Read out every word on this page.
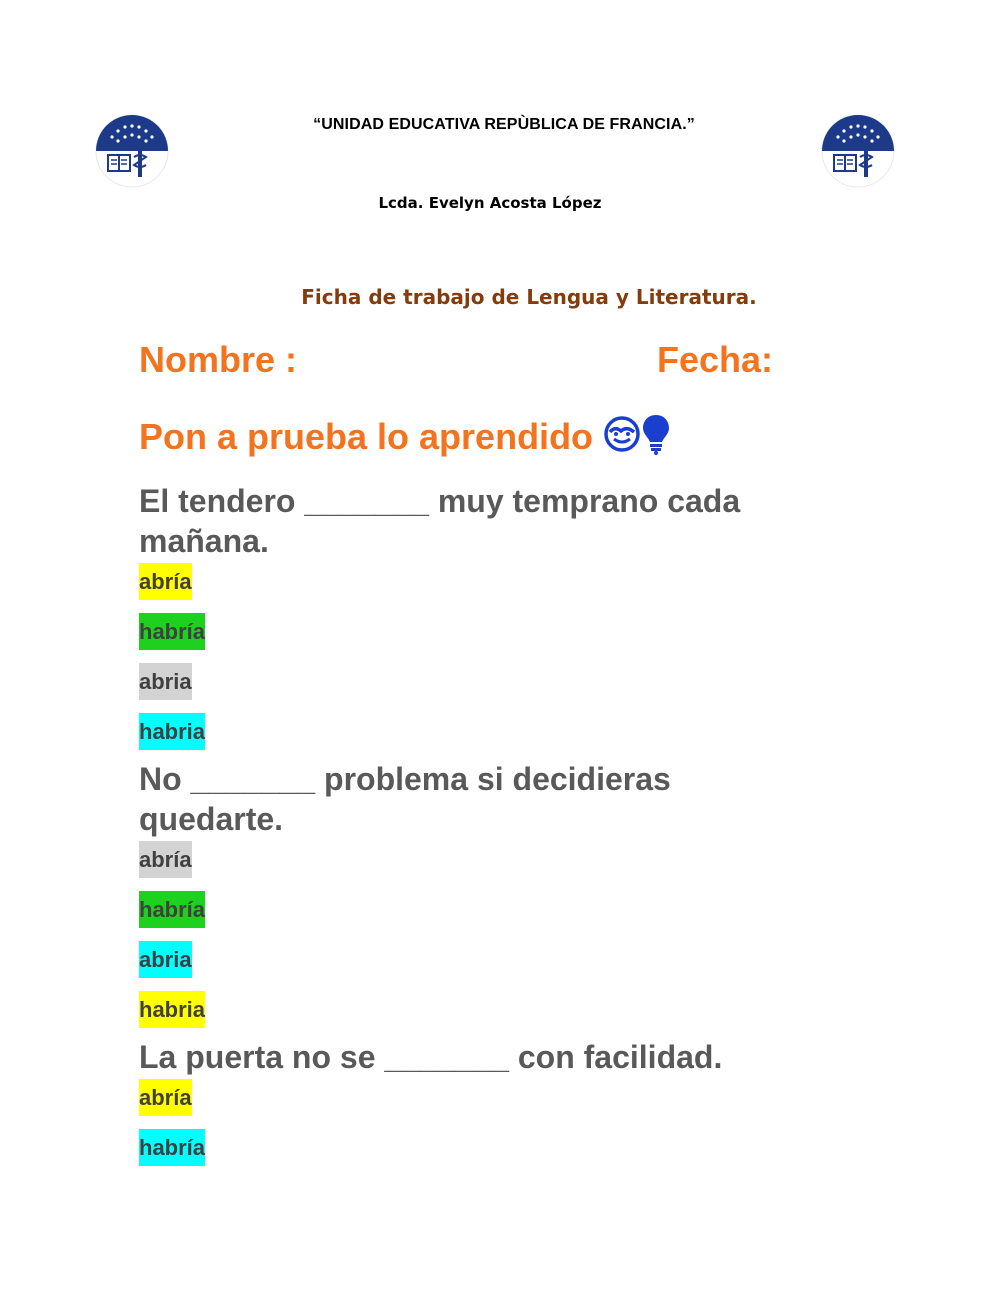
“UNIDAD EDUCATIVA REPÙBLICA DE FRANCIA.”
Lcda. Evelyn Acosta López
Ficha de trabajo de Lengua y Literatura.
Nombre :	Fecha:
Pon a prueba lo aprendido
El tendero _______ muy temprano cada
mañana.
abría
habría
abria
habria
No _______ problema si decidieras
quedarte.
abría
habría
abria
habria
La puerta no se _______ con facilidad.
abría
habría
